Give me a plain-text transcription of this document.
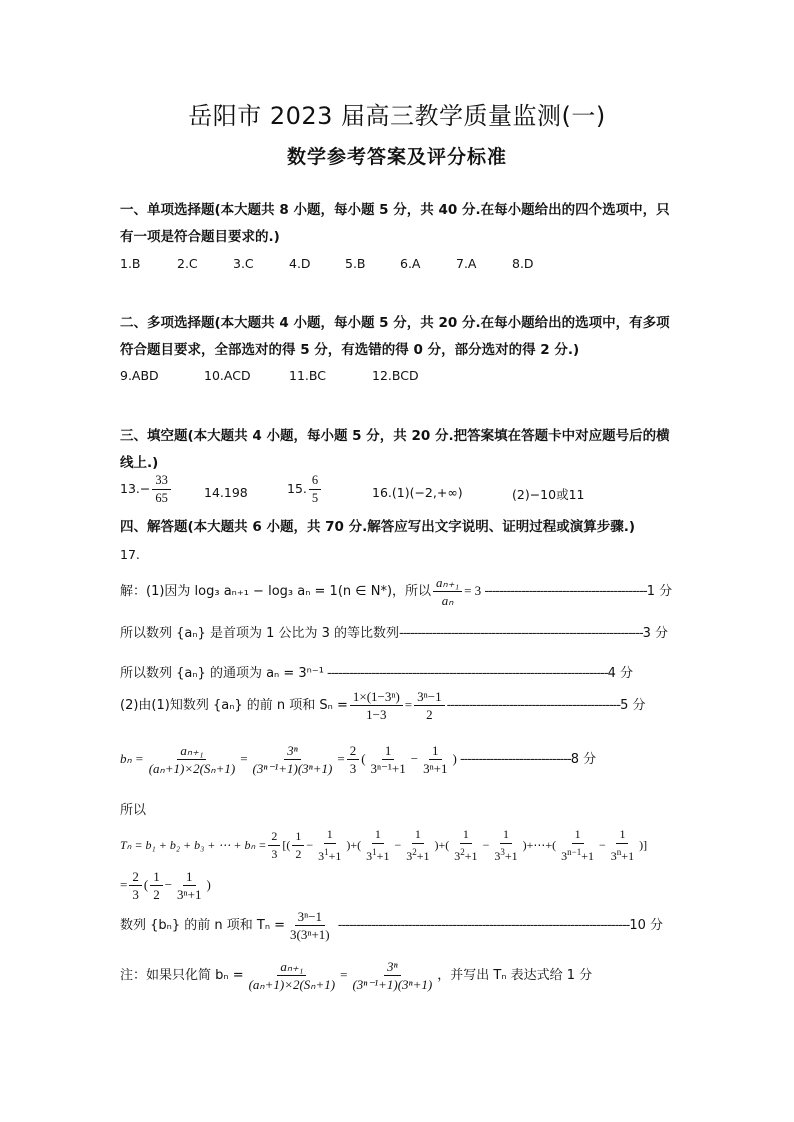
岳阳市 2023 届高三教学质量监测(一)
数学参考答案及评分标准
一、单项选择题(本大题共 8 小题，每小题 5 分，共 40 分.在每小题给出的四个选项中，只
有一项是符合题目要求的.)
1.B	2.C	3.C	4.D	5.B	6.A	7.A	8.D
二、多项选择题(本大题共 4 小题，每小题 5 分，共 20 分.在每小题给出的选项中，有多项
符合题目要求，全部选对的得 5 分，有选错的得 0 分，部分选对的得 2 分.)
9.ABD	10.ACD	11.BC	12.BCD
三、填空题(本大题共 4 小题，每小题 5 分，共 20 分.把答案填在答题卡中对应题号后的横
线上.)
$13.- \frac{33}{65}$	14.198	15. $\frac{6}{5}$	16.(1)(−2,+∞)	(2)−10或11
四、解答题(本大题共 6 小题，共 70 分.解答应写出文字说明、证明过程或演算步骤.)
17.
解：(1)因为 log₃ aₙ₊₁ − log₃ aₙ = 1(n ∈ N*)，所以 $\frac{\text{aₙ₊₁}}{\text{aₙ}} = 3$ --------------------------------------------1 分
所以数列 {aₙ} 是首项为 1 公比为 3 的等比数列------------------------------------------------------------------3 分
所以数列 {aₙ} 的通项为 aₙ = 3ⁿ⁻¹ ----------------------------------------------------------------------------4 分
(2)由(1)知数列 {aₙ} 的前 n 项和 $S_n = \frac{\text{1×(1−3ⁿ)}}{1-3} = \frac{\text{3ⁿ−1}}{2} -----------------------------------------------5$ 分
$b_n = \frac{\text{aₙ₊₁}}{\text{(aₙ+1)×2(Sₙ+1)}} = \frac{\text{3ⁿ}}{\text{(3ⁿ⁻¹+1)(3ⁿ+1)}} = \frac{2}{3}$ ( $\frac{1}{\text{3ⁿ⁻¹+1}} - \frac{1}{\text{3ⁿ+1}}$ ) ------------------------------8 分
所以
Tₙ = b₁ + b₂ + b₃ + ⋯ + $b_n = \frac{2}{3}$ [( $\frac{1}{2} - \frac{1}{3^1+1}$ )+( $\frac{1}{3^1+1} - \frac{1}{3^2+1}$ )+( $\frac{1}{3^2+1} - \frac{1}{3^3+1}$ )+⋯+( $\frac{1}{3^{n-1}+1} - \frac{1}{3^n+1}$ )]
= $\frac{2}{3}$ ( $\frac{1}{2} - \frac{1}{\text{3ⁿ+1}}$ )
数列 {bₙ} 的前 n 项和 $T_n = \frac{\text{3ⁿ−1}}{\text{3(3ⁿ+1)}} -------------------------------------------------------------------------------10$ 分
注：如果只化简 $b_n = \frac{\text{aₙ₊₁}}{\text{(aₙ+1)×2(Sₙ+1)}} = \frac{\text{3ⁿ}}{\text{(3ⁿ⁻¹+1)(3ⁿ+1)}}$ ，并写出 Tₙ 表达式给 1 分
